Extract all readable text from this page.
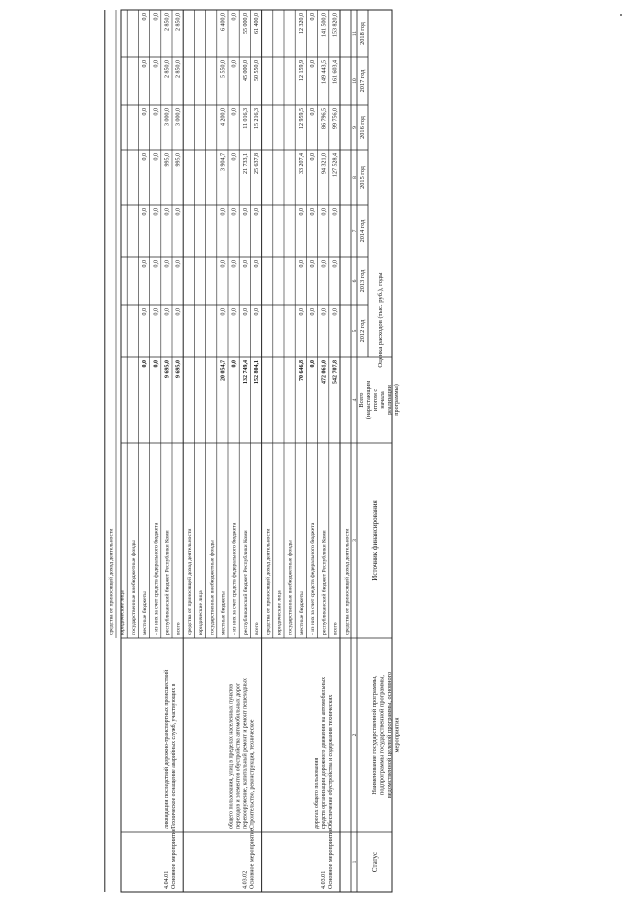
Статус
Наименование государственной программы, подпрограммы государственной программы, ведомственной целевой программы, основного мероприятия
Источник финансирования
Всего (нарастающим итогом с начала реализации программы)
Оценка расходов (тыс. руб.), годы
2012 год
2013 год
2014 год
2015 год
2016 год
2017 год
2018 год
1
2
3
4
5
6
7
8
9
10
11
средства от приносящей доход деятельности
Основное мероприятие
4.03.01
Обеспечение обустройства и содержания технических
средств организации дорожного движения на автомобильных
дорогах общего пользования
всего
542 707,8
0,0
0,0
0,0
127 528,4
99 756,0
161 603,4
153 820,0
республиканский бюджет Республики Коми
472 061,0
0,0
0,0
0,0
94 321,0
86 796,5
149 443,5
141 500,0
- из них за счет средств федерального бюджета
0,0
0,0
0,0
0,0
0,0
0,0
0,0
0,0
местные бюджеты
70 646,8
0,0
0,0
0,0
33 207,4
12 959,5
12 159,9
12 320,0
государственные внебюджетные фонды
юридические лица
средства от приносящей доход деятельности
Основное мероприятие
4.03.02
Строительство, реконструкция, техническое
перевооружение, капитальный ремонт и ремонт пешеходных
переходов и элементов обустройства автомобильных дорог
общего пользования, улиц в пределах населенных пунктов
всего
152 804,1
0,0
0,0
0,0
25 637,8
15 216,3
50 550,0
61 400,0
республиканский бюджет Республики Коми
132 749,4
0,0
0,0
0,0
21 733,1
11 016,3
45 000,0
55 000,0
- из них за счет средств федерального бюджета
0,0
0,0
0,0
0,0
0,0
0,0
0,0
0,0
местные бюджеты
20 054,7
0,0
0,0
0,0
3 904,7
4 200,0
5 550,0
6 400,0
государственные внебюджетные фонды
юридические лица
средства от приносящей доход деятельности
Основное мероприятие
4.04.01
Техническое оснащение аварийных служб, участвующих в
ликвидации последствий дорожно-транспортных происшествий
всего
9 695,0
0,0
0,0
0,0
995,0
3 000,0
2 850,0
2 850,0
республиканский бюджет Республики Коми
9 695,0
0,0
0,0
0,0
995,0
3 000,0
2 850,0
2 850,0
- из них за счет средств федерального бюджета
0,0
0,0
0,0
0,0
0,0
0,0
0,0
0,0
местные бюджеты
0,0
0,0
0,0
0,0
0,0
0,0
0,0
0,0
государственные внебюджетные фонды
юридические лица
средства от приносящей доход деятельности
